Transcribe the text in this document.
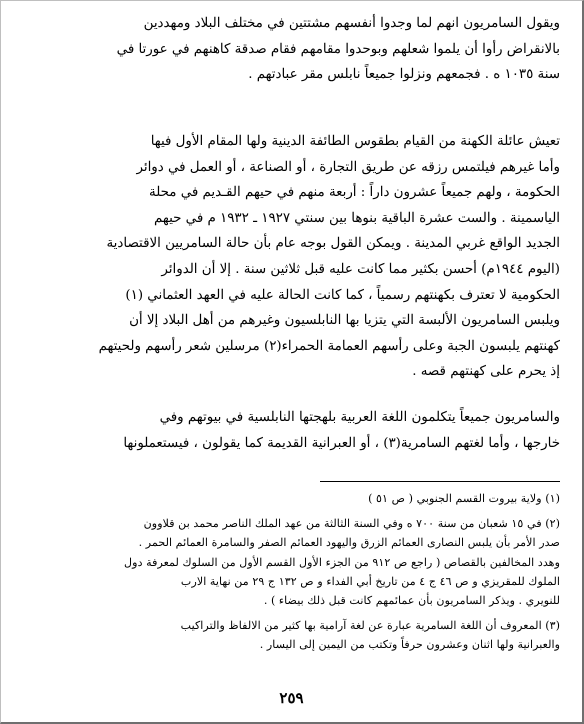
ويقول السامريون انهم لما وجدوا أنفسهم مشتتين في مختلف البلاد ومهددين

بالانقراض رأوا أن يلموا شعلهم وبوحدوا مقامهم فقام صدقة كاهنهم في عورتا في

سنة ١٠٣٥ ه . فجمعهم ونزلوا جميعاً نابلس مقر عبادتهم .

تعيش عائلة الكهنة من القيام بطقوس الطائفة الدينية ولها المقام الأول فيها

وأما غيرهم فيلتمس رزقه عن طريق التجارة ، أو الصناعة ، أو العمل في دوائر

الحكومة ، ولهم جميعاً عشرون داراً : أربعة منهم في حيهم القـديم في محلة

الياسمينة . والست عشرة الباقية بنوها بين سنتي ١٩٢٧ ـ ١٩٣٢ م في حيهم

الجديد الواقع غربي المدينة . ويمكن القول بوجه عام بأن حالة السامريين الاقتصادية

(اليوم ١٩٤٤م) أحسن بكثير مما كانت عليه قبل ثلاثين سنة . إلا أن الدوائر

الحكومية لا تعترف بكهنتهم رسمياً ، كما كانت الحالة عليه في العهد العثماني (١)

ويلبس السامريون الألبسة التي يتزيا بها النابلسيون وغيرهم من أهل البلاد إلا أن

كهنتهم يلبسون الجبة وعلى رأسهم العمامة الحمراء(٢) مرسلين شعر رأسهم ولحيتهم

إذ يحرم على كهنتهم قصه .

والسامريون جميعاً يتكلمون اللغة العربية بلهجتها النابلسية في بيوتهم وفي

خارجها ، وأما لغتهم السامرية(٣) ، أو العبرانية القديمة كما يقولون ، فيستعملونها

(١) ولاية بيروت القسم الجنوبي ( ص ٥١ )

(٢) في ١٥ شعبان من سنة ٧٠٠ ه وفي السنة الثالثة من عهد الملك الناصر محمد بن قلاوون

صدر الأمر بأن يلبس النصارى العمائم الزرق واليهود العمائم الصفر والسامرة العمائم الحمر .

وهدد المخالفين بالقصاص ( راجع ص ٩١٢ من الجزء الأول القسم الأول من السلوك لمعرفة دول

الملوك للمقريزي و ص ٤٦ ج ٤ من تاريخ أبي الفداء و ص ١٣٢ ج ٢٩ من نهاية الارب

للنويري . ويذكر السامريون بأن عمائمهم كانت قبل ذلك بيضاء ) .

(٣) المعروف أن اللغة السامرية عبارة عن لغة آرامية بها كثير من الالفاظ والتراكيب

والعبرانية ولها اثنان وعشرون حرفاً وتكتب من اليمين إلى اليسار .

٢٥٩
